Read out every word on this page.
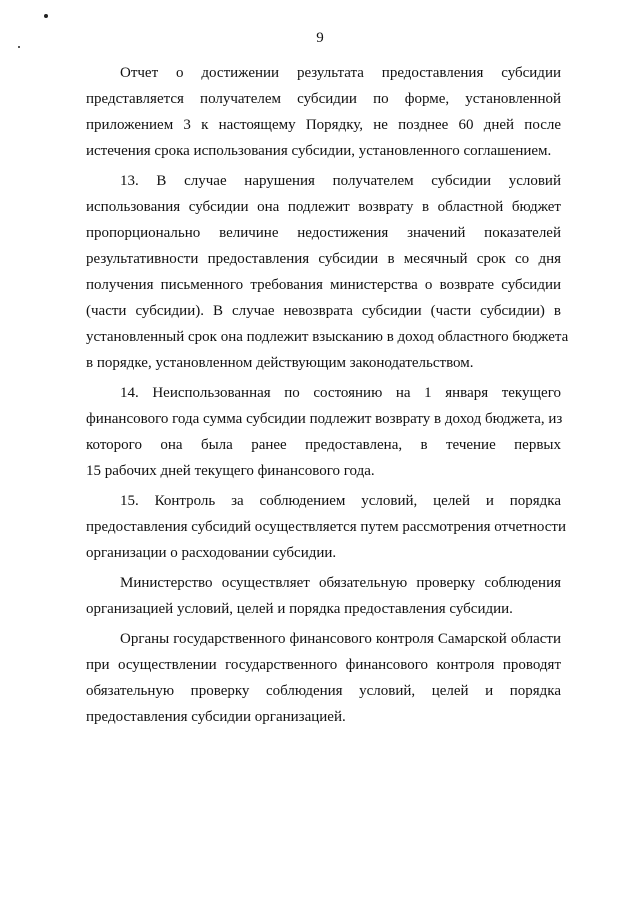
9
Отчет о достижении результата предоставления субсидии
представляется получателем субсидии по форме, установленной
приложением 3 к настоящему Порядку, не позднее 60 дней после
истечения срока использования субсидии, установленного соглашением.
13. В случае нарушения получателем субсидии условий
использования субсидии она подлежит возврату в областной бюджет
пропорционально величине недостижения значений показателей
результативности предоставления субсидии в месячный срок со дня
получения письменного требования министерства о возврате субсидии
(части субсидии). В случае невозврата субсидии (части субсидии) в
установленный срок она подлежит взысканию в доход областного бюджета
в порядке, установленном действующим законодательством.
14. Неиспользованная по состоянию на 1 января текущего
финансового года сумма субсидии подлежит возврату в доход бюджета, из
которого она была ранее предоставлена, в течение первых
15 рабочих дней текущего финансового года.
15. Контроль за соблюдением условий, целей и порядка
предоставления субсидий осуществляется путем рассмотрения отчетности
организации о расходовании субсидии.
Министерство осуществляет обязательную проверку соблюдения
организацией условий, целей и порядка предоставления субсидии.
Органы государственного финансового контроля Самарской области
при осуществлении государственного финансового контроля проводят
обязательную проверку соблюдения условий, целей и порядка
предоставления субсидии организацией.
